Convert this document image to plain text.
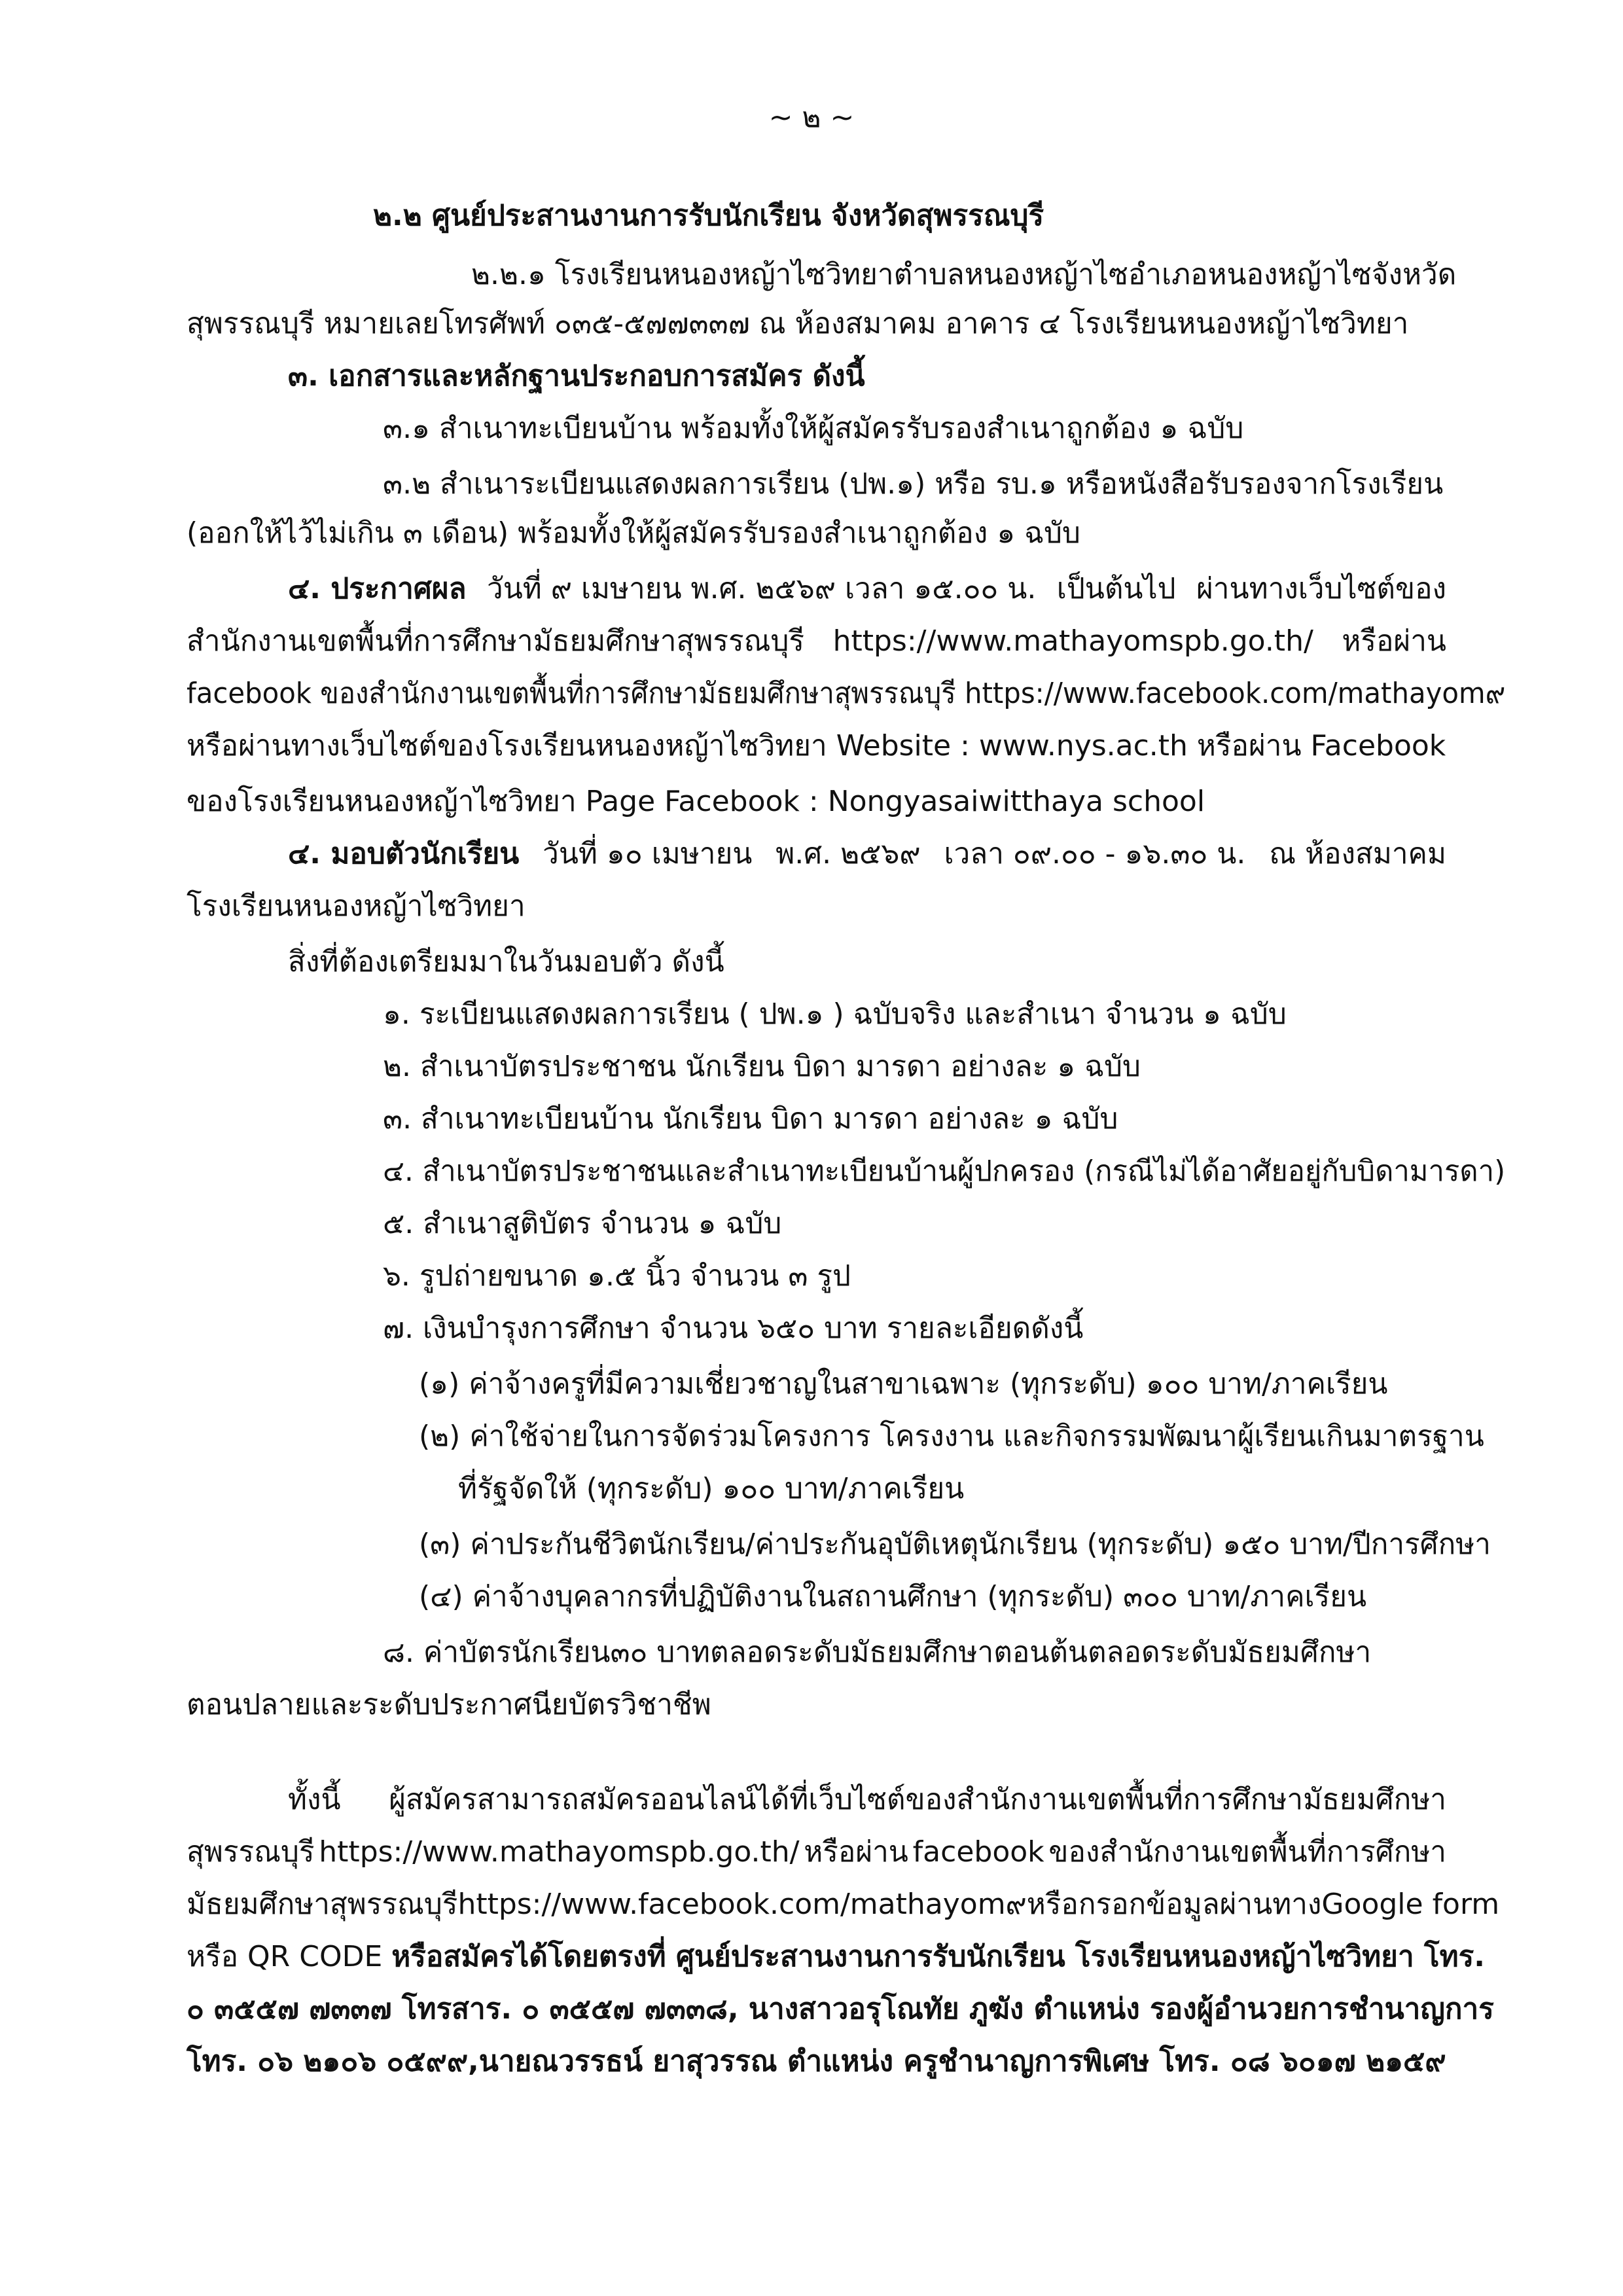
~ ๒ ~
๒.๒ ศูนย์ประสานงานการรับนักเรียน จังหวัดสุพรรณบุรี
๒.๒.๑ โรงเรียนหนองหญ้าไซวิทยา ตำบลหนองหญ้าไซ อำเภอหนองหญ้าไซ จังหวัด
สุพรรณบุรี หมายเลยโทรศัพท์ ๐๓๕-๕๗๗๓๓๗ ณ ห้องสมาคม อาคาร ๔ โรงเรียนหนองหญ้าไซวิทยา
๓. เอกสารและหลักฐานประกอบการสมัคร ดังนี้
๓.๑ สำเนาทะเบียนบ้าน พร้อมทั้งให้ผู้สมัครรับรองสำเนาถูกต้อง ๑ ฉบับ
๓.๒ สำเนาระเบียนแสดงผลการเรียน (ปพ.๑) หรือ รบ.๑ หรือหนังสือรับรองจากโรงเรียน
(ออกให้ไว้ไม่เกิน ๓ เดือน) พร้อมทั้งให้ผู้สมัครรับรองสำเนาถูกต้อง ๑ ฉบับ
๔. ประกาศผล วันที่ ๙ เมษายน พ.ศ. ๒๕๖๙ เวลา ๑๕.๐๐ น. เป็นต้นไป ผ่านทางเว็บไซต์ของ
สำนักงานเขตพื้นที่การศึกษามัธยมศึกษาสุพรรณบุรี https://www.mathayomspb.go.th/ หรือผ่าน
facebook ของสำนักงานเขตพื้นที่การศึกษามัธยมศึกษาสุพรรณบุรี https://www.facebook.com/mathayom๙
หรือผ่านทางเว็บไซต์ของโรงเรียนหนองหญ้าไซวิทยา Website : www.nys.ac.th หรือผ่าน Facebook
ของโรงเรียนหนองหญ้าไซวิทยา Page Facebook : Nongyasaiwitthaya school
๔. มอบตัวนักเรียน วันที่ ๑๐ เมษายน พ.ศ. ๒๕๖๙ เวลา ๐๙.๐๐ - ๑๖.๓๐ น. ณ ห้องสมาคม
โรงเรียนหนองหญ้าไซวิทยา
สิ่งที่ต้องเตรียมมาในวันมอบตัว ดังนี้
๑. ระเบียนแสดงผลการเรียน ( ปพ.๑ ) ฉบับจริง และสำเนา จำนวน ๑ ฉบับ
๒. สำเนาบัตรประชาชน นักเรียน บิดา มารดา อย่างละ ๑ ฉบับ
๓. สำเนาทะเบียนบ้าน นักเรียน บิดา มารดา อย่างละ ๑ ฉบับ
๔. สำเนาบัตรประชาชนและสำเนาทะเบียนบ้านผู้ปกครอง (กรณีไม่ได้อาศัยอยู่กับบิดามารดา)
๕. สำเนาสูติบัตร จำนวน ๑ ฉบับ
๖. รูปถ่ายขนาด ๑.๕ นิ้ว จำนวน ๓ รูป
๗. เงินบำรุงการศึกษา จำนวน ๖๕๐ บาท รายละเอียดดังนี้
(๑) ค่าจ้างครูที่มีความเชี่ยวชาญในสาขาเฉพาะ (ทุกระดับ) ๑๐๐ บาท/ภาคเรียน
(๒) ค่าใช้จ่ายในการจัดร่วมโครงการ โครงงาน และกิจกรรมพัฒนาผู้เรียนเกินมาตรฐาน
ที่รัฐจัดให้ (ทุกระดับ) ๑๐๐ บาท/ภาคเรียน
(๓) ค่าประกันชีวิตนักเรียน/ค่าประกันอุบัติเหตุนักเรียน (ทุกระดับ) ๑๕๐ บาท/ปีการศึกษา
(๔) ค่าจ้างบุคลากรที่ปฏิบัติงานในสถานศึกษา (ทุกระดับ) ๓๐๐ บาท/ภาคเรียน
๘. ค่าบัตรนักเรียน ๓๐ บาท ตลอดระดับมัธยมศึกษาตอนต้น ตลอดระดับมัธยมศึกษา
ตอนปลายและระดับประกาศนียบัตรวิชาชีพ
ทั้งนี้ ผู้สมัครสามารถสมัครออนไลน์ได้ที่เว็บไซต์ของสำนักงานเขตพื้นที่การศึกษามัธยมศึกษา
สุพรรณบุรี https://www.mathayomspb.go.th/ หรือผ่าน facebook ของสำนักงานเขตพื้นที่การศึกษา
มัธยมศึกษาสุพรรณบุรี https://www.facebook.com/mathayom๙ หรือกรอกข้อมูลผ่านทาง Google form
หรือ QR CODE หรือสมัครได้โดยตรงที่ ศูนย์ประสานงานการรับนักเรียน โรงเรียนหนองหญ้าไซวิทยา โทร.
๐ ๓๕๕๗ ๗๓๓๗ โทรสาร. ๐ ๓๕๕๗ ๗๓๓๘, นางสาวอรุโณทัย ภูฆัง ตำแหน่ง รองผู้อำนวยการชำนาญการ
โทร. ๐๖ ๒๑๐๖ ๐๕๙๙,นายณวรรธน์ ยาสุวรรณ ตำแหน่ง ครูชำนาญการพิเศษ โทร. ๐๘ ๖๐๑๗ ๒๑๕๙
